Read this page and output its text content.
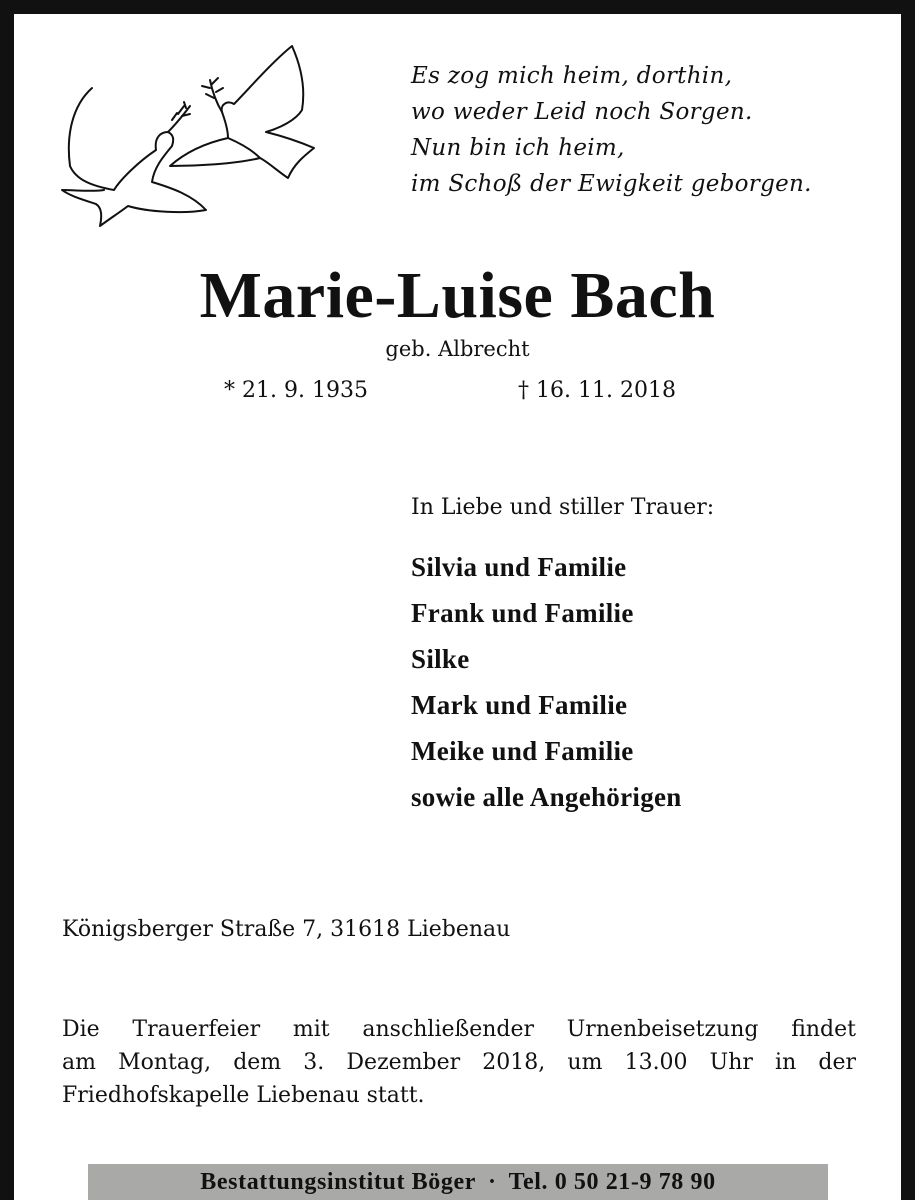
Es zog mich heim, dorthin,
wo weder Leid noch Sorgen.
Nun bin ich heim,
im Schoß der Ewigkeit geborgen.
Marie-Luise Bach
geb. Albrecht
* 21. 9. 1935	† 16. 11. 2018
In Liebe und stiller Trauer:
Silvia und Familie
Frank und Familie
Silke
Mark und Familie
Meike und Familie
sowie alle Angehörigen
Königsberger Straße 7, 31618 Liebenau
Die Trauerfeier mit anschließender Urnenbeisetzung findet
am Montag, dem 3. Dezember 2018, um 13.00 Uhr in der
Friedhofskapelle Liebenau statt.
Bestattungsinstitut Böger · Tel. 0 50 21-9 78 90
